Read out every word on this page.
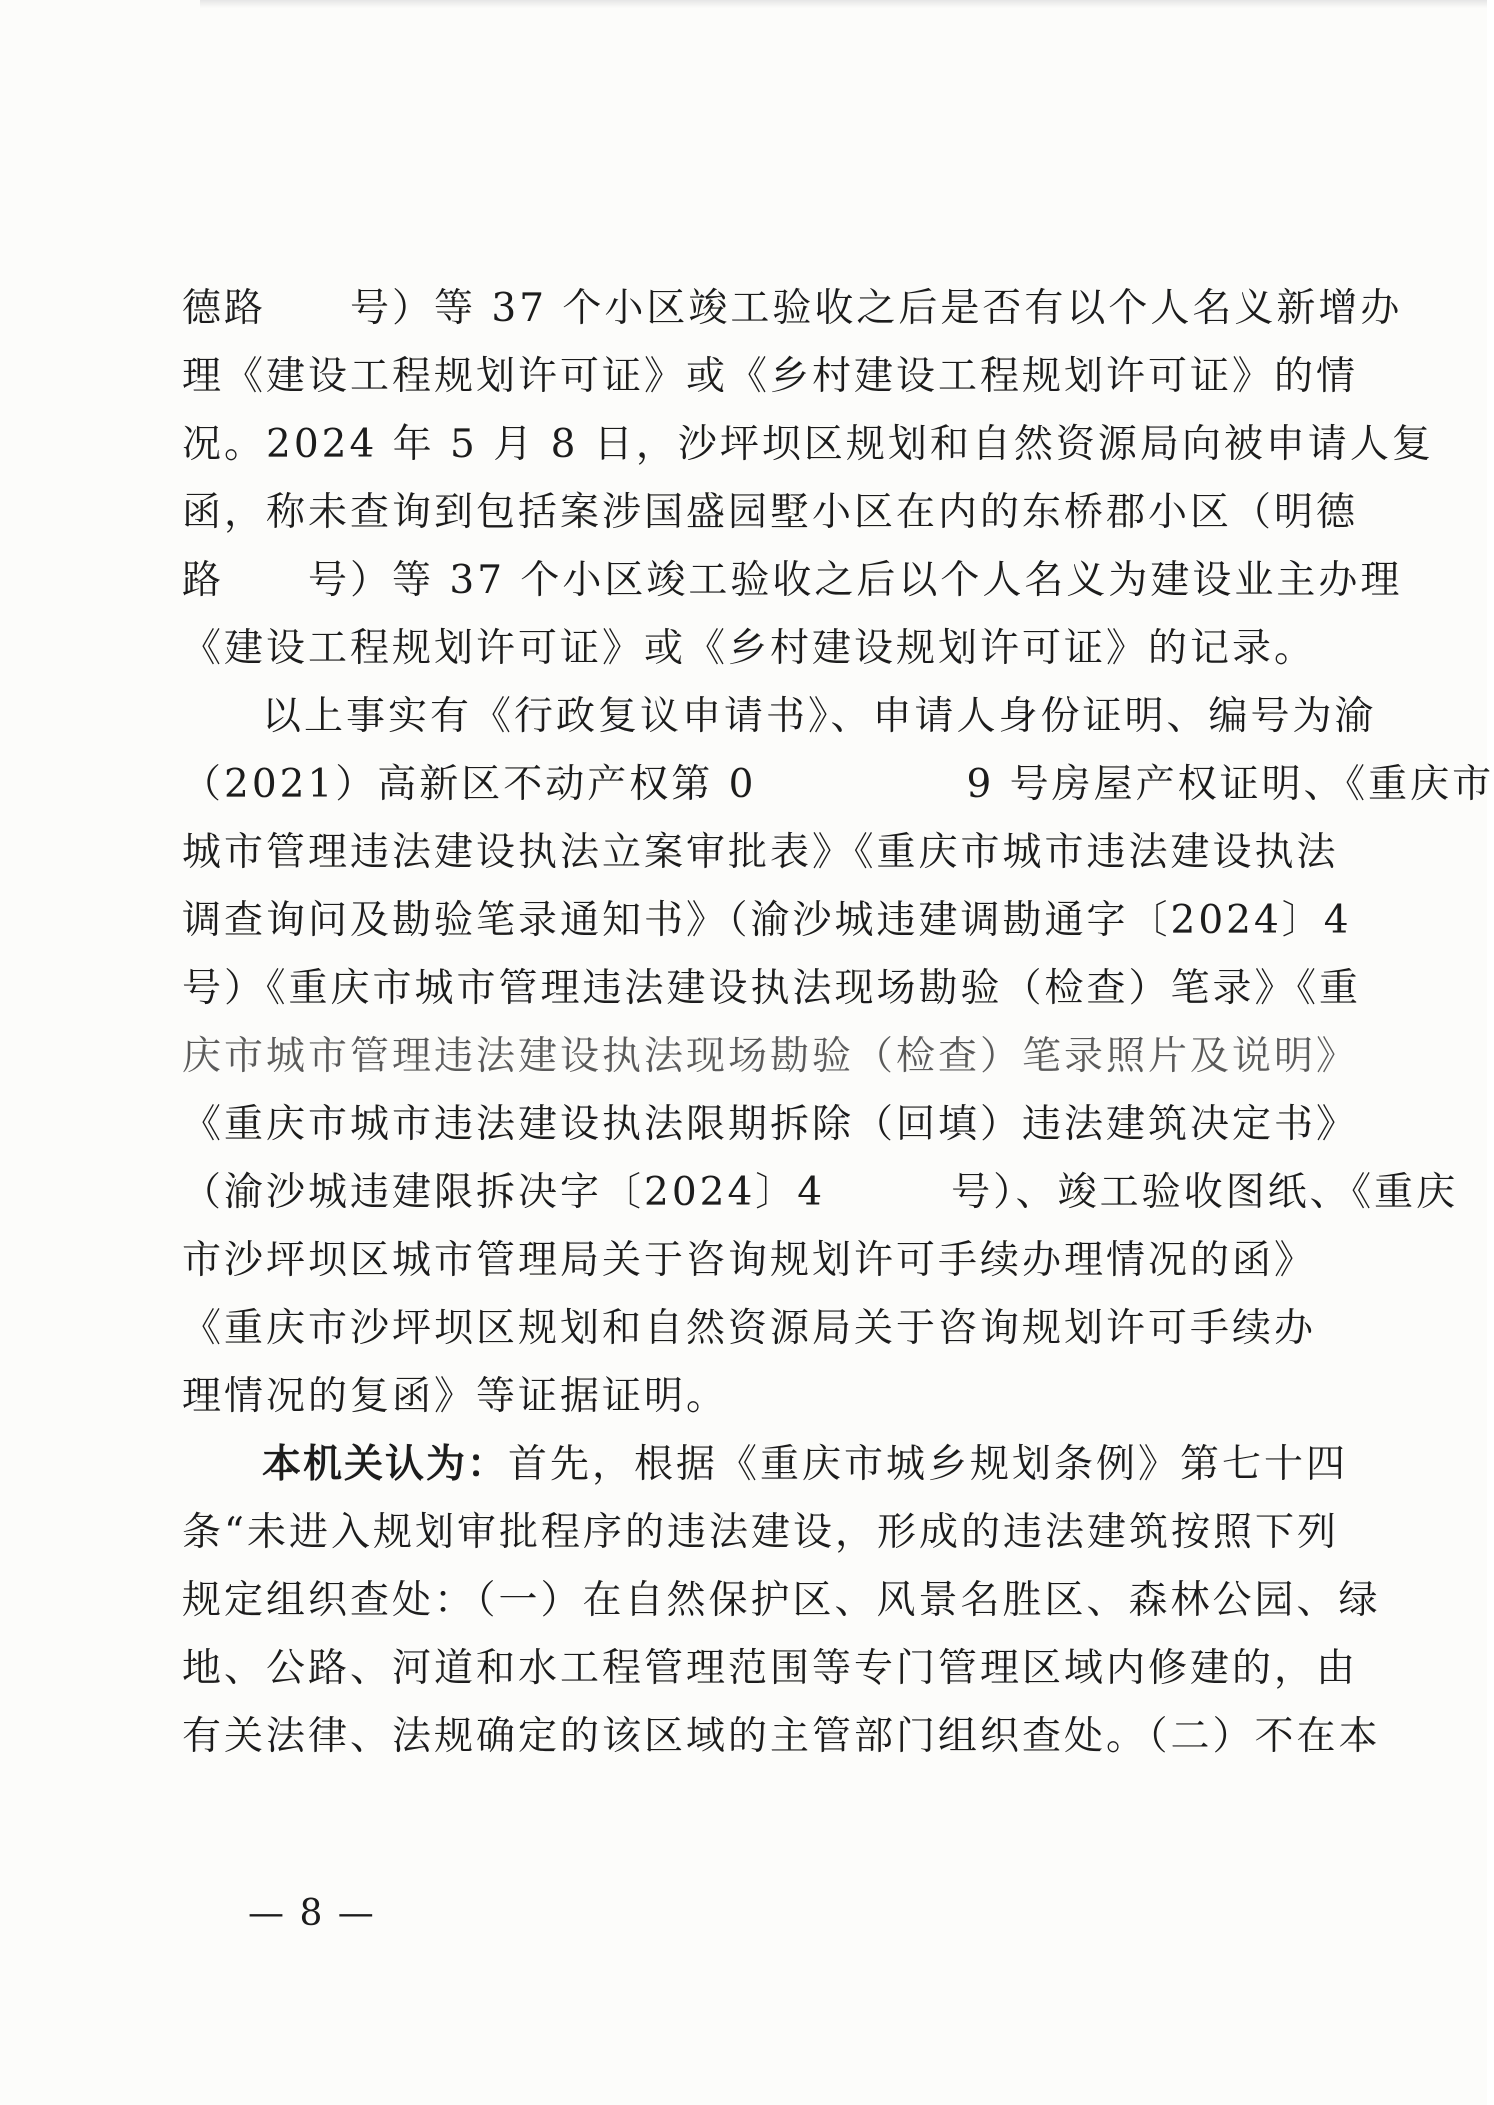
德路　　号）等 37 个小区竣工验收之后是否有以个人名义新增办
理《建设工程规划许可证》或《乡村建设工程规划许可证》的情
况。2024 年 5 月 8 日，沙坪坝区规划和自然资源局向被申请人复
函，称未查询到包括案涉国盛园墅小区在内的东桥郡小区（明德
路　　号）等 37 个小区竣工验收之后以个人名义为建设业主办理
《建设工程规划许可证》或《乡村建设规划许可证》的记录。
以上事实有《行政复议申请书》、申请人身份证明、编号为渝
（2021）高新区不动产权第 0　　　　　9 号房屋产权证明、《重庆市
城市管理违法建设执法立案审批表》《重庆市城市违法建设执法
调查询问及勘验笔录通知书》（渝沙城违建调勘通字〔2024〕4
号）《重庆市城市管理违法建设执法现场勘验（检查）笔录》《重
庆市城市管理违法建设执法现场勘验（检查）笔录照片及说明》
《重庆市城市违法建设执法限期拆除（回填）违法建筑决定书》
（渝沙城违建限拆决字〔2024〕4　　　号）、竣工验收图纸、《重庆
市沙坪坝区城市管理局关于咨询规划许可手续办理情况的函》
《重庆市沙坪坝区规划和自然资源局关于咨询规划许可手续办
理情况的复函》等证据证明。
本机关认为：首先，根据《重庆市城乡规划条例》第七十四
条“未进入规划审批程序的违法建设，形成的违法建筑按照下列
规定组织查处：（一）在自然保护区、风景名胜区、森林公园、绿
地、公路、河道和水工程管理范围等专门管理区域内修建的，由
有关法律、法规确定的该区域的主管部门组织查处。（二）不在本
— 8 —
